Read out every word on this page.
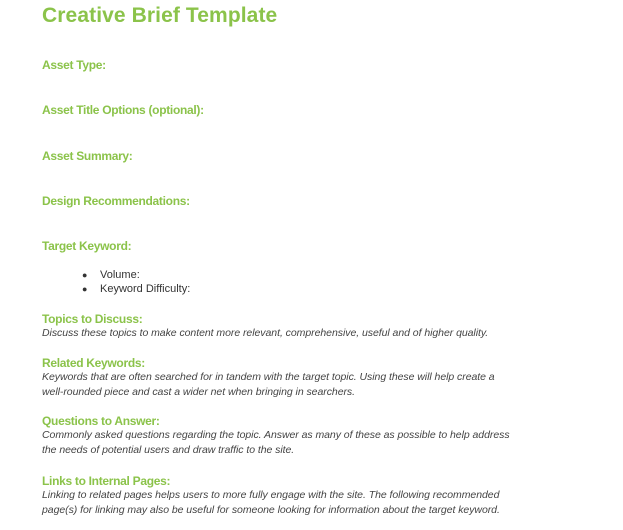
Creative Brief Template
Asset Type:
Asset Title Options (optional):
Asset Summary:
Design Recommendations:
Target Keyword:
● Volume:
● Keyword Difficulty:
Topics to Discuss:
Discuss these topics to make content more relevant, comprehensive, useful and of higher quality.
Related Keywords:
Keywords that are often searched for in tandem with the target topic. Using these will help create a
well-rounded piece and cast a wider net when bringing in searchers.
Questions to Answer:
Commonly asked questions regarding the topic. Answer as many of these as possible to help address
the needs of potential users and draw traffic to the site.
Links to Internal Pages:
Linking to related pages helps users to more fully engage with the site. The following recommended
page(s) for linking may also be useful for someone looking for information about the target keyword.
